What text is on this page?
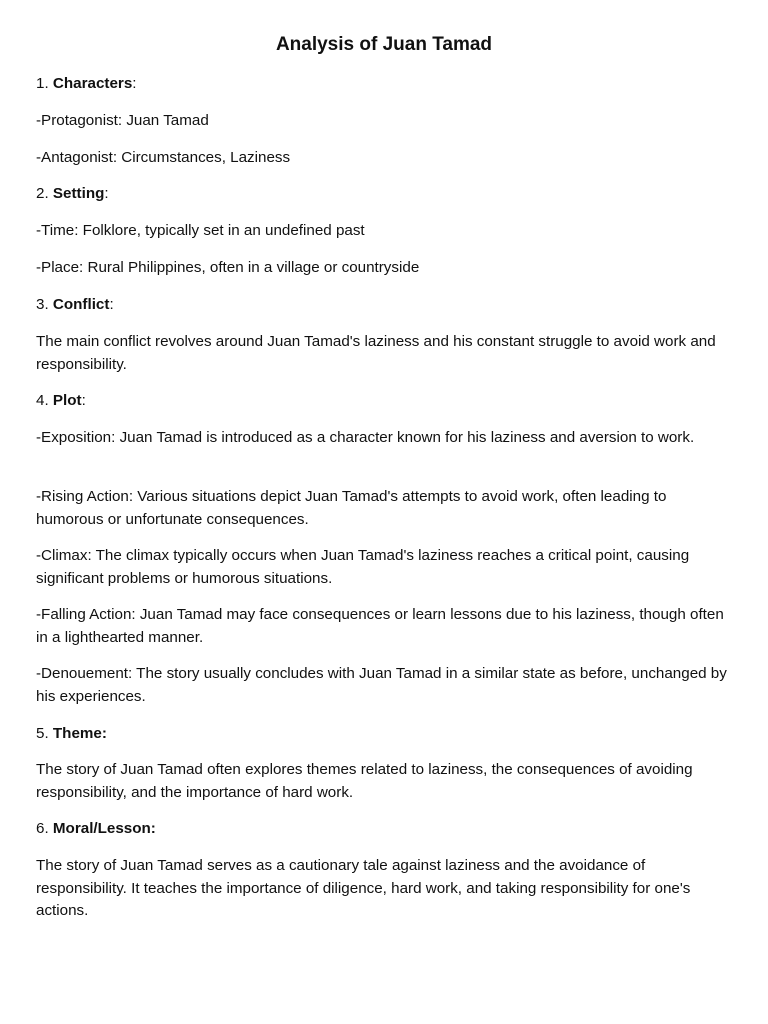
Analysis of Juan Tamad

1. Characters:

-Protagonist: Juan Tamad

-Antagonist: Circumstances, Laziness

2. Setting:

-Time: Folklore, typically set in an undefined past

-Place: Rural Philippines, often in a village or countryside

3. Conflict:

The main conflict revolves around Juan Tamad's laziness and his constant struggle to avoid work and responsibility.

4. Plot:

-Exposition: Juan Tamad is introduced as a character known for his laziness and aversion to work.

-Rising Action: Various situations depict Juan Tamad's attempts to avoid work, often leading to humorous or unfortunate consequences.

-Climax: The climax typically occurs when Juan Tamad's laziness reaches a critical point, causing significant problems or humorous situations.

-Falling Action: Juan Tamad may face consequences or learn lessons due to his laziness, though often in a lighthearted manner.

-Denouement: The story usually concludes with Juan Tamad in a similar state as before, unchanged by his experiences.

5. Theme:

The story of Juan Tamad often explores themes related to laziness, the consequences of avoiding responsibility, and the importance of hard work.

6. Moral/Lesson:

The story of Juan Tamad serves as a cautionary tale against laziness and the avoidance of responsibility. It teaches the importance of diligence, hard work, and taking responsibility for one's actions.
